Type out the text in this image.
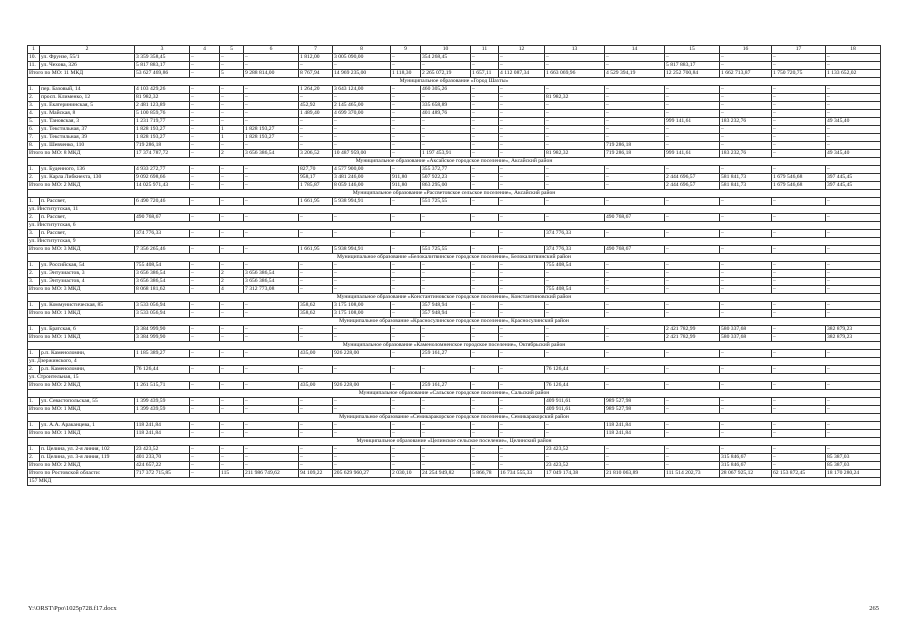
1	2	3	4	5	6	7	8	9	10	11	12	13	14	15	16	17	18
10.	ул. Фрунзе, 55/1	3 359 358,45	–	–	–	1 812,00	3 005 090,00	–	354 268,45	–	–	–	–	–	–	–	–
11.	ул. Чехова, 326	5 817 883,17	–	–	–	–	–	–	–	–	–	–	–	5 817 883,17	–	–	–
Итого по МО: 11 МКД		53 627 469,86	–	5	9 288 814,00	8 767,94	14 969 235,00	1 118,30	2 265 072,19	1 657,11	4 112 087,34	1 663 069,96	4 529 394,19	12 252 700,84	1 662 713,87	1 750 720,75	1 133 652,02
Муниципальное образование «Город Шахты»																	
1.	пер. Базовый, 14	4 103 429,26	–	–	–	1 264,20	3 643 124,00	–	460 305,26	–	–	–	–	–	–	–	–
2.	просп. Клименко, 12	81 982,32	–	–	–	–	–	–	–	–	–	81 982,32	–	–	–	–	–
3.	ул. Екатерининская, 5	2 481 123,89	–	–	–	452,92	2 145 465,00	–	335 658,89	–	–	–	–	–	–	–	–
4.	ул. Майская, 8	5 100 859,76	–	–	–	1 489,40	4 699 370,00	–	401 489,76	–	–	–	–	–	–	–	–
5.	ул. Тановская, 3	1 231 719,77	–	–	–	–	–	–	–	–	–	–	–	999 141,61	183 232,76	–	49 345,40
6.	ул. Текстильная, 37	1 828 193,27	–	1	1 828 193,27	–	–	–	–	–	–	–	–	–	–	–	–
7.	ул. Текстильная, 39	1 828 193,27	–	1	1 828 193,27	–	–	–	–	–	–	–	–	–	–	–	–
8.	ул. Шевченко, 110	719 286,18	–	–	–	–	–	–	–	–	–	–	719 286,18	–	–	–	–
Итого по МО: 8 МКД		17 374 787,72	–	2	3 656 386,54	3 206,52	10 487 959,00	–	1 197 453,91	–	–	81 982,32	719 286,18	999 141,61	183 232,76	–	49 345,40
Муниципальное образование «Аксайское городское поселение», Аксайский район																	
1.	ул. Буденного, 136	4 933 272,77	–	–	–	827,70	4 577 900,00	–	355 372,77	–	–	–	–	–	–	–	–
2.	ул. Карла Либкнехта, 130	9 092 698,66	–	–	–	958,17	3 481 246,00	911,80	507 922,23	–	–	–	–	2 444 696,57	581 841,73	1 679 546,68	397 445,45
Итого по МО: 2 МКД		14 025 971,43	–	–	–	1 785,87	8 059 146,00	911,80	863 295,00	–	–	–	–	2 444 696,57	581 841,73	1 679 546,68	397 445,45
Муниципальное образование «Рассветовское сельское поселение», Аксайский район																	
1.	п. Рассвет,	6 490 720,46	–	–	–	1 661,95	5 938 994,91	–	551 725,55	–	–	–	–	–	–	–	–
ул. Институтская, 11																	
2.	п. Рассвет,	490 768,67	–	–	–	–	–	–	–	–	–	–	490 768,67	–	–	–	–
ул. Институтская, 6																	
3.	п. Рассвет,	374 776,33	–	–	–	–	–	–	–	–	–	374 776,33	–	–	–	–	–
ул. Институтская, 9																	
Итого по МО: 3 МКД		7 356 265,46	–	–	–	1 661,95	5 938 994,91	–	551 725,55	–	–	374 776,33	490 768,67	–	–	–	–
Муниципальное образование «Белокалитвинское городское поселение», Белокалитвинский район																	
1.	ул. Российская, 54	755 408,54	–	–	–	–	–	–	–	–	–	755 408,54	–	–	–	–	–
2.	ул. Энтузиастов, 3	3 656 386,54	–	2	3 656 386,54	–	–	–	–	–	–	–	–	–	–	–	–
3.	ул. Энтузиастов, 4	3 656 386,54	–	2	3 656 386,54	–	–	–	–	–	–	–	–	–	–	–	–
Итого по МО: 3 МКД		8 068 181,62	–	4	7 312 773,08	–	–	–	–	–	–	755 408,54	–	–	–	–	–
Муниципальное образование «Константиновское городское поселение», Константиновский район																	
1.	ул. Коммунистическая, 85	3 533 056,94	–	–	–	358,62	3 175 108,00	–	357 948,94	–	–	–	–	–	–	–	–
Итого по МО: 1 МКД		3 533 056,94	–	–	–	358,62	3 175 108,00	–	357 948,94	–	–	–	–	–	–	–	–
Муниципальное образование «Красносулинское городское поселение», Красносулинский район																	
1.	ул. Братская, 6	3 384 999,90	–	–	–	–	–	–	–	–	–	–	–	2 421 782,99	580 337,68	–	382 879,23
Итого по МО: 1 МКД		3 384 999,90	–	–	–	–	–	–	–	–	–	–	–	2 421 782,99	580 337,68	–	382 879,23
Муниципальное образование «Каменоломненское городское поселение», Октябрьский район																	
1.	р.п. Каменоломни,	1 185 389,27	–	–	–	435,00	926 228,00	–	259 161,27	–	–	–	–	–	–	–	–
ул. Дзержинского, 4																	
2.	р.п. Каменоломни,	76 126,44	–	–	–	–	–	–	–	–	–	76 126,44	–	–	–	–	–
ул. Строительная, 15																	
Итого по МО: 2 МКД		1 261 515,71	–	–	–	435,00	926 228,00	–	259 161,27	–	–	76 126,44	–	–	–	–	–
Муниципальное образование «Сальское городское поселение», Сальский район																	
1.	ул. Севастопольская, 55	1 399 439,59	–	–	–	–	–	–	–	–	–	409 911,61	989 527,98	–	–	–	–
Итого по МО: 1 МКД		1 399 439,59	–	–	–	–	–	–	–	–	–	409 911,61	989 527,98	–	–	–	–
Муниципальное образование «Семикаракорское городское поселение», Семикаракорский район																	
1.	ул. А.А. Араканцева, 1	118 241,84	–	–	–	–	–	–	–	–	–	–	118 241,84	–	–	–	–
Итого по МО: 1 МКД		118 241,84	–	–	–	–	–	–	–	–	–	–	118 241,84	–	–	–	–
Муниципальное образование «Целинское сельское поселение», Целинский район																	
1.	п. Целина, ул. 2-я линия, 102	23 423,52	–	–	–	–	–	–	–	–	–	23 423,52	–	–	–	–	–
2.	п. Целина, ул. 3-я линия, 119	401 233,70	–	–	–	–	–	–	–	–	–	–	–	–	315 846,67	–	85 387,03
Итого по МО: 2 МКД		424 657,22	–	–	–	–	–	–	–	–	–	23 423,52	–	–	315 846,67	–	85 387,03
Итого по Ростовской области:		717 372 715,85	–	115	211 986 749,62	94 109,22	205 629 960,27	2 030,10	24 254 949,82	5 866,78	16 734 555,33	17 049 174,38	21 810 063,89	111 514 202,73	28 067 925,12	62 153 872,45	18 170 280,24
157 МКД																	
Y:\ORST\Ppo\1025p728.f17.docx	265
